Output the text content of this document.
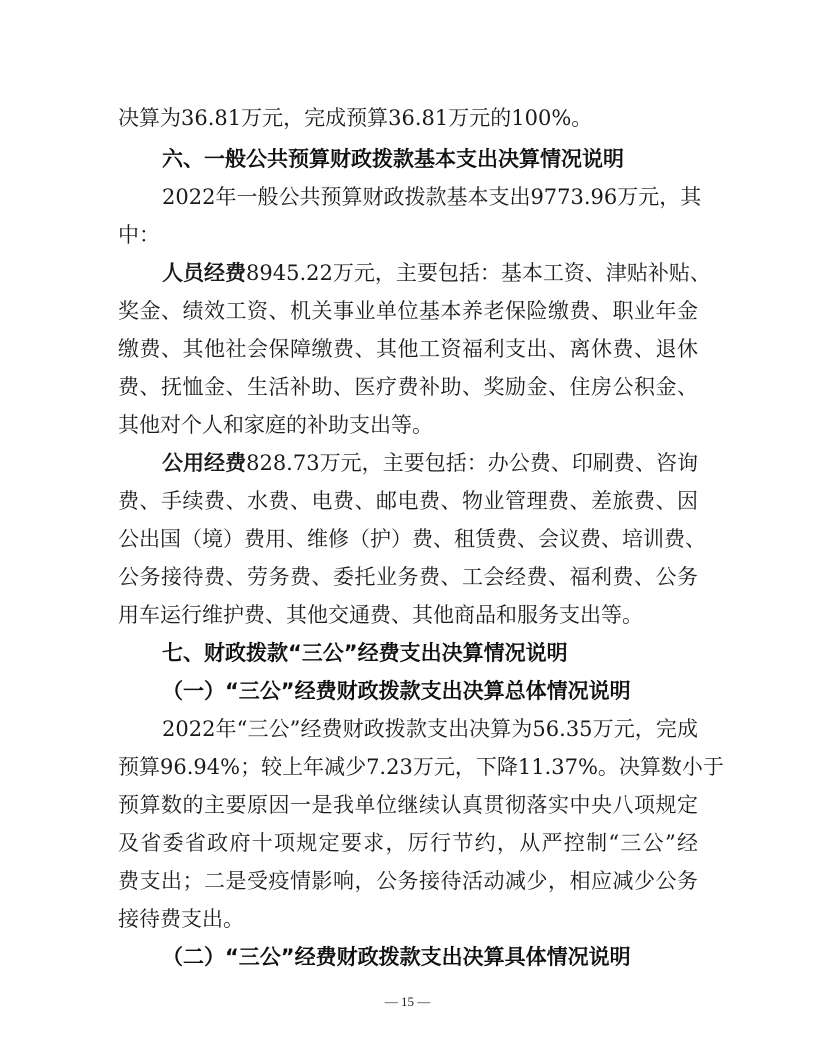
决算为36.81万元，完成预算36.81万元的100%。
六、一般公共预算财政拨款基本支出决算情况说明
2022年一般公共预算财政拨款基本支出9773.96万元，其
中：
人员经费8945.22万元，主要包括：基本工资、津贴补贴、
奖金、绩效工资、机关事业单位基本养老保险缴费、职业年金
缴费、其他社会保障缴费、其他工资福利支出、离休费、退休
费、抚恤金、生活补助、医疗费补助、奖励金、住房公积金、
其他对个人和家庭的补助支出等。
公用经费828.73万元，主要包括：办公费、印刷费、咨询
费、手续费、水费、电费、邮电费、物业管理费、差旅费、因
公出国（境）费用、维修（护）费、租赁费、会议费、培训费、
公务接待费、劳务费、委托业务费、工会经费、福利费、公务
用车运行维护费、其他交通费、其他商品和服务支出等。
七、财政拨款“三公”经费支出决算情况说明
（一）“三公”经费财政拨款支出决算总体情况说明
2022年“三公”经费财政拨款支出决算为56.35万元，完成
预算96.94%；较上年减少7.23万元，下降11.37%。决算数小于
预算数的主要原因一是我单位继续认真贯彻落实中央八项规定
及省委省政府十项规定要求，厉行节约，从严控制“三公”经
费支出；二是受疫情影响，公务接待活动减少，相应减少公务
接待费支出。
（二）“三公”经费财政拨款支出决算具体情况说明
— 15 —
